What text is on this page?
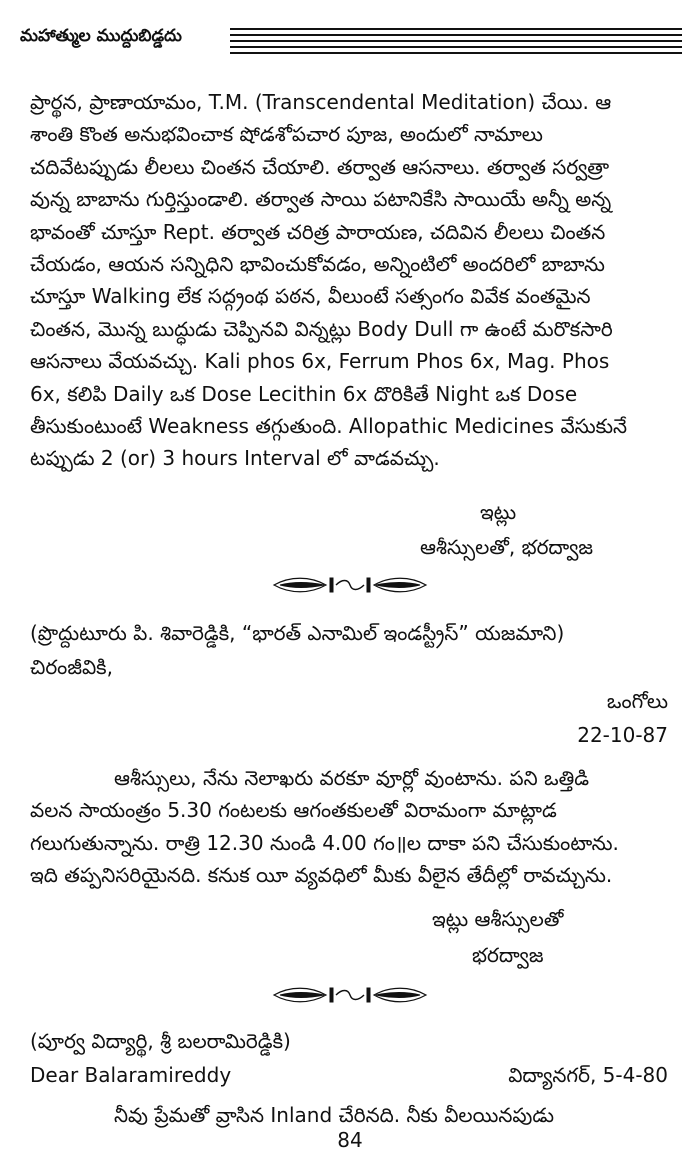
మహాత్ముల ముద్దుబిడ్డదు

ప్రార్థన, ప్రాణాయామం, T.M. (Transcendental Meditation) చేయి. ఆ
శాంతి కొంత అనుభవించాక షోడశోపచార పూజ, అందులో నామాలు
చదివేటప్పుడు లీలలు చింతన చేయాలి. తర్వాత ఆసనాలు. తర్వాత సర్వత్రా
వున్న బాబాను గుర్తిస్తుండాలి. తర్వాత సాయి పటానికేసి సాయియే అన్నీ అన్న
భావంతో చూస్తూ Rept. తర్వాత చరిత్ర పారాయణ, చదివిన లీలలు చింతన
చేయడం, ఆయన సన్నిధిని భావించుకోవడం, అన్నింటిలో అందరిలో బాబాను
చూస్తూ Walking లేక సద్గ్రంథ పఠన, వీలుంటే సత్సంగం వివేక వంతమైన
చింతన, మొన్న బుద్ధుడు చెప్పినవి విన్నట్లు Body Dull గా ఉంటే మరొకసారి
ఆసనాలు వేయవచ్చు. Kali phos 6x, Ferrum Phos 6x, Mag. Phos
6x, కలిపి Daily ఒక Dose Lecithin 6x దొరికితే Night ఒక Dose
తీసుకుంటుంటే Weakness తగ్గుతుంది. Allopathic Medicines వేసుకునే
టప్పుడు 2 (or) 3 hours Interval లో వాడవచ్చు.

ఇట్లు
ఆశీస్సులతో, భరద్వాజ
(ప్రొద్దుటూరు పి. శివారెడ్డికి, “భారత్ ఎనామిల్ ఇండస్ట్రీస్” యజమాని)
చిరంజీవికి,
ఒంగోలు
22-10-87

ఆశీస్సులు, నేను నెలాఖరు వరకూ వూర్లో వుంటాను. పని ఒత్తిడి
వలన సాయంత్రం 5.30 గంటలకు ఆగంతకులతో విరామంగా మాట్లాడ
గలుగుతున్నాను. రాత్రి 12.30 నుండి 4.00 గం॥ల దాకా పని చేసుకుంటాను.
ఇది తప్పనిసరియైనది. కనుక యీ వ్యవధిలో మీకు వీలైన తేదీల్లో రావచ్చును.

ఇట్లు ఆశీస్సులతో
భరద్వాజ
(పూర్వ విద్యార్థి, శ్రీ బలరామిరెడ్డికి)
Dear Balaramireddy	విద్యానగర్, 5-4-80
నీవు ప్రేమతో వ్రాసిన Inland చేరినది. నీకు వీలయినపుడు
84
